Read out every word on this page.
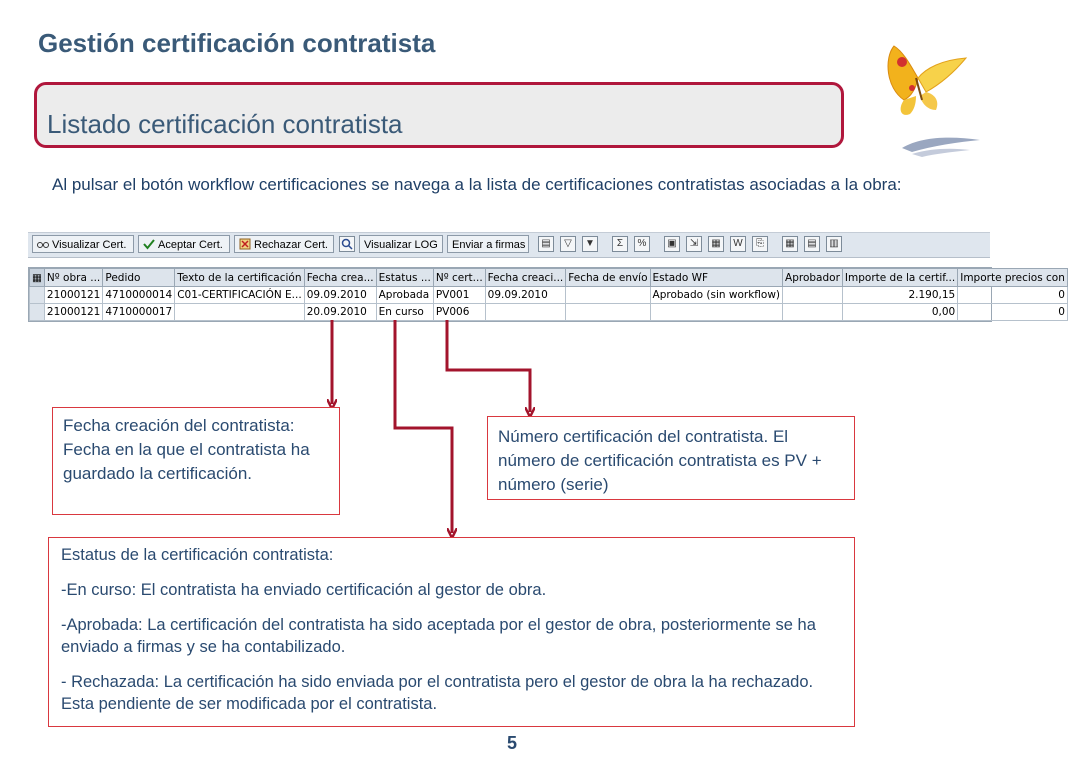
Gestión certificación contratista
Listado certificación contratista
Al pulsar el botón workflow certificaciones se navega a la lista de certificaciones contratistas asociadas a la obra:
Visualizar Cert.	Aceptar Cert.	Rechazar Cert.	Visualizar LOG	Enviar a firmas	▤	▽	▼	Σ	%	▣	⇲	▦	W	⎘	▦	▤	▥
▦	Nº obra ...	Pedido	Texto de la certificación	Fecha crea...	Estatus ...	Nº cert...	Fecha creaci...	Fecha de envío	Estado WF	Aprobador	Importe de la certif...	Importe precios con
	21000121	4710000014	C01-CERTIFICACIÓN E...	09.09.2010	Aprobada	PV001	09.09.2010		Aprobado (sin workflow)		2.190,15	0
	21000121	4710000017		20.09.2010	En curso	PV006					0,00	0
Fecha creación del contratista: Fecha en la que el contratista ha guardado la certificación.
Número certificación del contratista. El número de certificación contratista es PV + número (serie)

Estatus de la certificación contratista:

-En curso: El contratista ha enviado certificación al gestor de obra.

-Aprobada: La certificación del contratista ha sido aceptada por el gestor de obra, posteriormente se ha enviado a firmas y se ha contabilizado.

- Rechazada: La certificación ha sido enviada por el contratista pero el gestor de obra la ha rechazado. Esta pendiente de ser modificada por el contratista.

5
